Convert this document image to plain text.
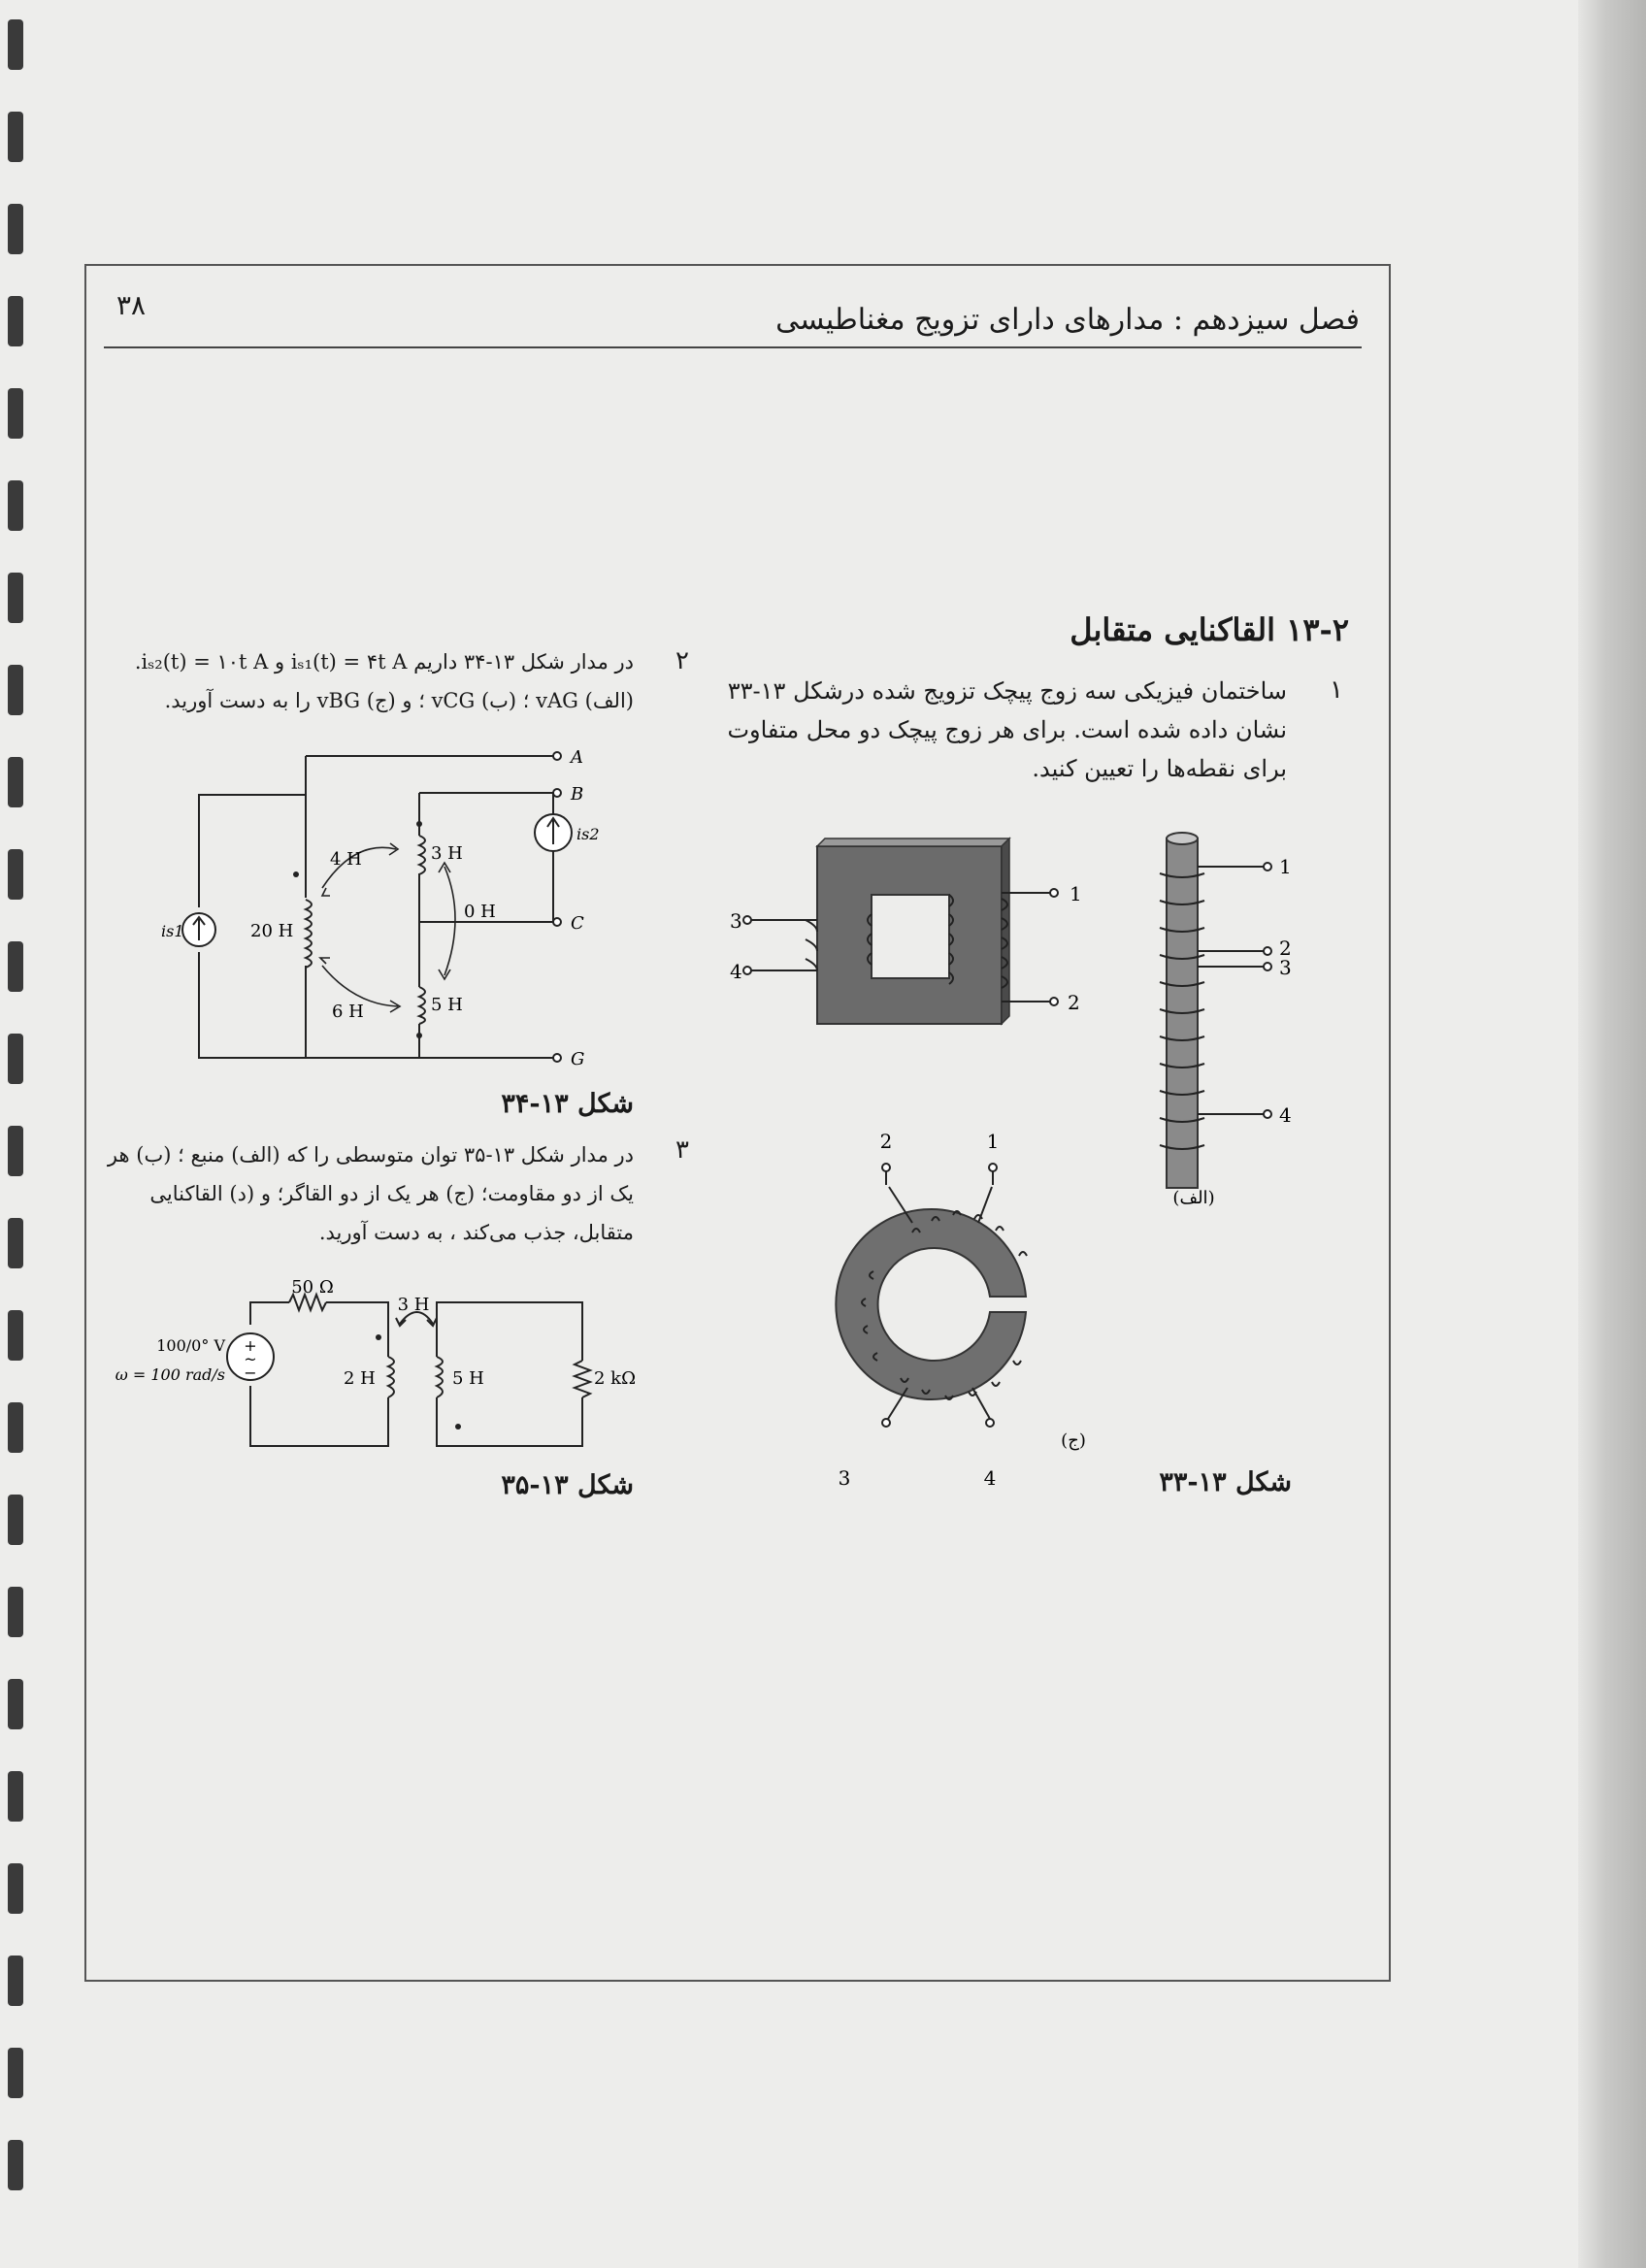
۳۸	فصل سیزدهم : مدارهای دارای تزویج مغناطیسی
۱۳-۲ القاکنایی متقابل
۱
ساختمان فیزیکی سه زوج پیچک تزویج شده درشکل ۱۳-۳۳
نشان داده شده است. برای هر زوج پیچک دو محل متفاوت
برای نقطه‌ها را تعیین کنید.
1
2
3
4
1
2
3
4
(الف)
1
2
3	4
(ج)
شکل ۱۳-۳۳
۲
در مدار شکل ۱۳-۳۴ داریم iₛ₁(t) = ۴t A و iₛ₂(t) = ۱۰t A.
(الف) vAG ؛ (ب) vCG ؛ و (ج) vBG را به دست آورید.
A
B
C
G
is1
is2
20 H
3 H
5 H
4 H
6 H
0 H
شکل ۱۳-۳۴
۳
در مدار شکل ۱۳-۳۵ توان متوسطی را که (الف) منبع ؛ (ب) هر
یک از دو مقاومت؛ (ج) هر یک از دو القاگر؛ و (د) القاکنایی
متقابل، جذب می‌کند ، به دست آورید.
+
~
−
50 Ω
3 H
2 H	5 H	2 kΩ
100/0° V
ω = 100 rad/s
شکل ۱۳-۳۵
